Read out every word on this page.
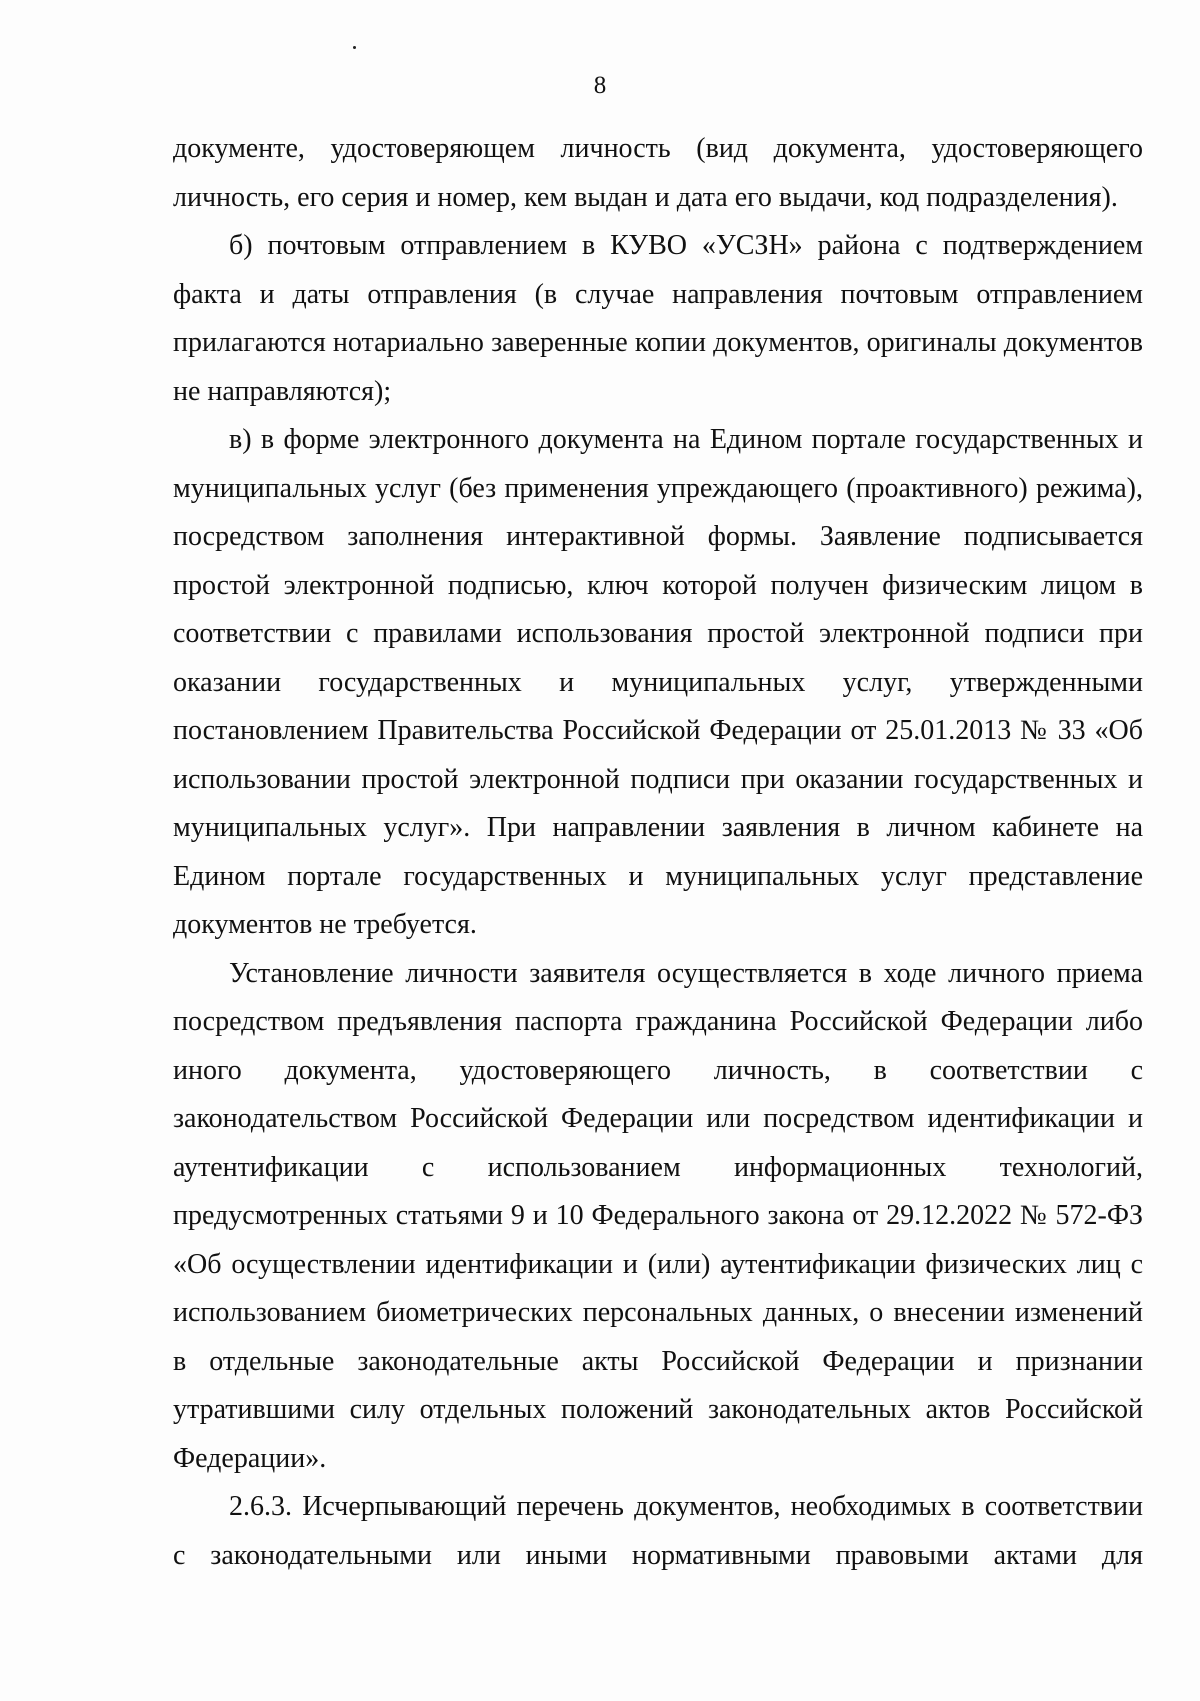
8

документе, удостоверяющем личность (вид документа, удостоверяющего личность, его серия и номер, кем выдан и дата его выдачи, код подразделения).

б) почтовым отправлением в КУВО «УСЗН» района с подтверждением факта и даты отправления (в случае направления почтовым отправлением прилагаются нотариально заверенные копии документов, оригиналы документов не направляются);

в) в форме электронного документа на Едином портале государственных и муниципальных услуг (без применения упреждающего (проактивного) режима), посредством заполнения интерактивной формы. Заявление подписывается простой электронной подписью, ключ которой получен физическим лицом в соответствии с правилами использования простой электронной подписи при оказании государственных и муниципальных услуг, утвержденными постановлением Правительства Российской Федерации от 25.01.2013 № 33 «Об использовании простой электронной подписи при оказании государственных и муниципальных услуг». При направлении заявления в личном кабинете на Едином портале государственных и муниципальных услуг представление документов не требуется.

Установление личности заявителя осуществляется в ходе личного приема посредством предъявления паспорта гражданина Российской Федерации либо иного документа, удостоверяющего личность, в соответствии с законодательством Российской Федерации или посредством идентификации и аутентификации с использованием информационных технологий, предусмотренных статьями 9 и 10 Федерального закона от 29.12.2022 № 572-ФЗ «Об осуществлении идентификации и (или) аутентификации физических лиц с использованием биометрических персональных данных, о внесении изменений в отдельные законодательные акты Российской Федерации и признании утратившими силу отдельных положений законодательных актов Российской Федерации».

2.6.3. Исчерпывающий перечень документов, необходимых в соответствии с законодательными или иными нормативными правовыми актами для
